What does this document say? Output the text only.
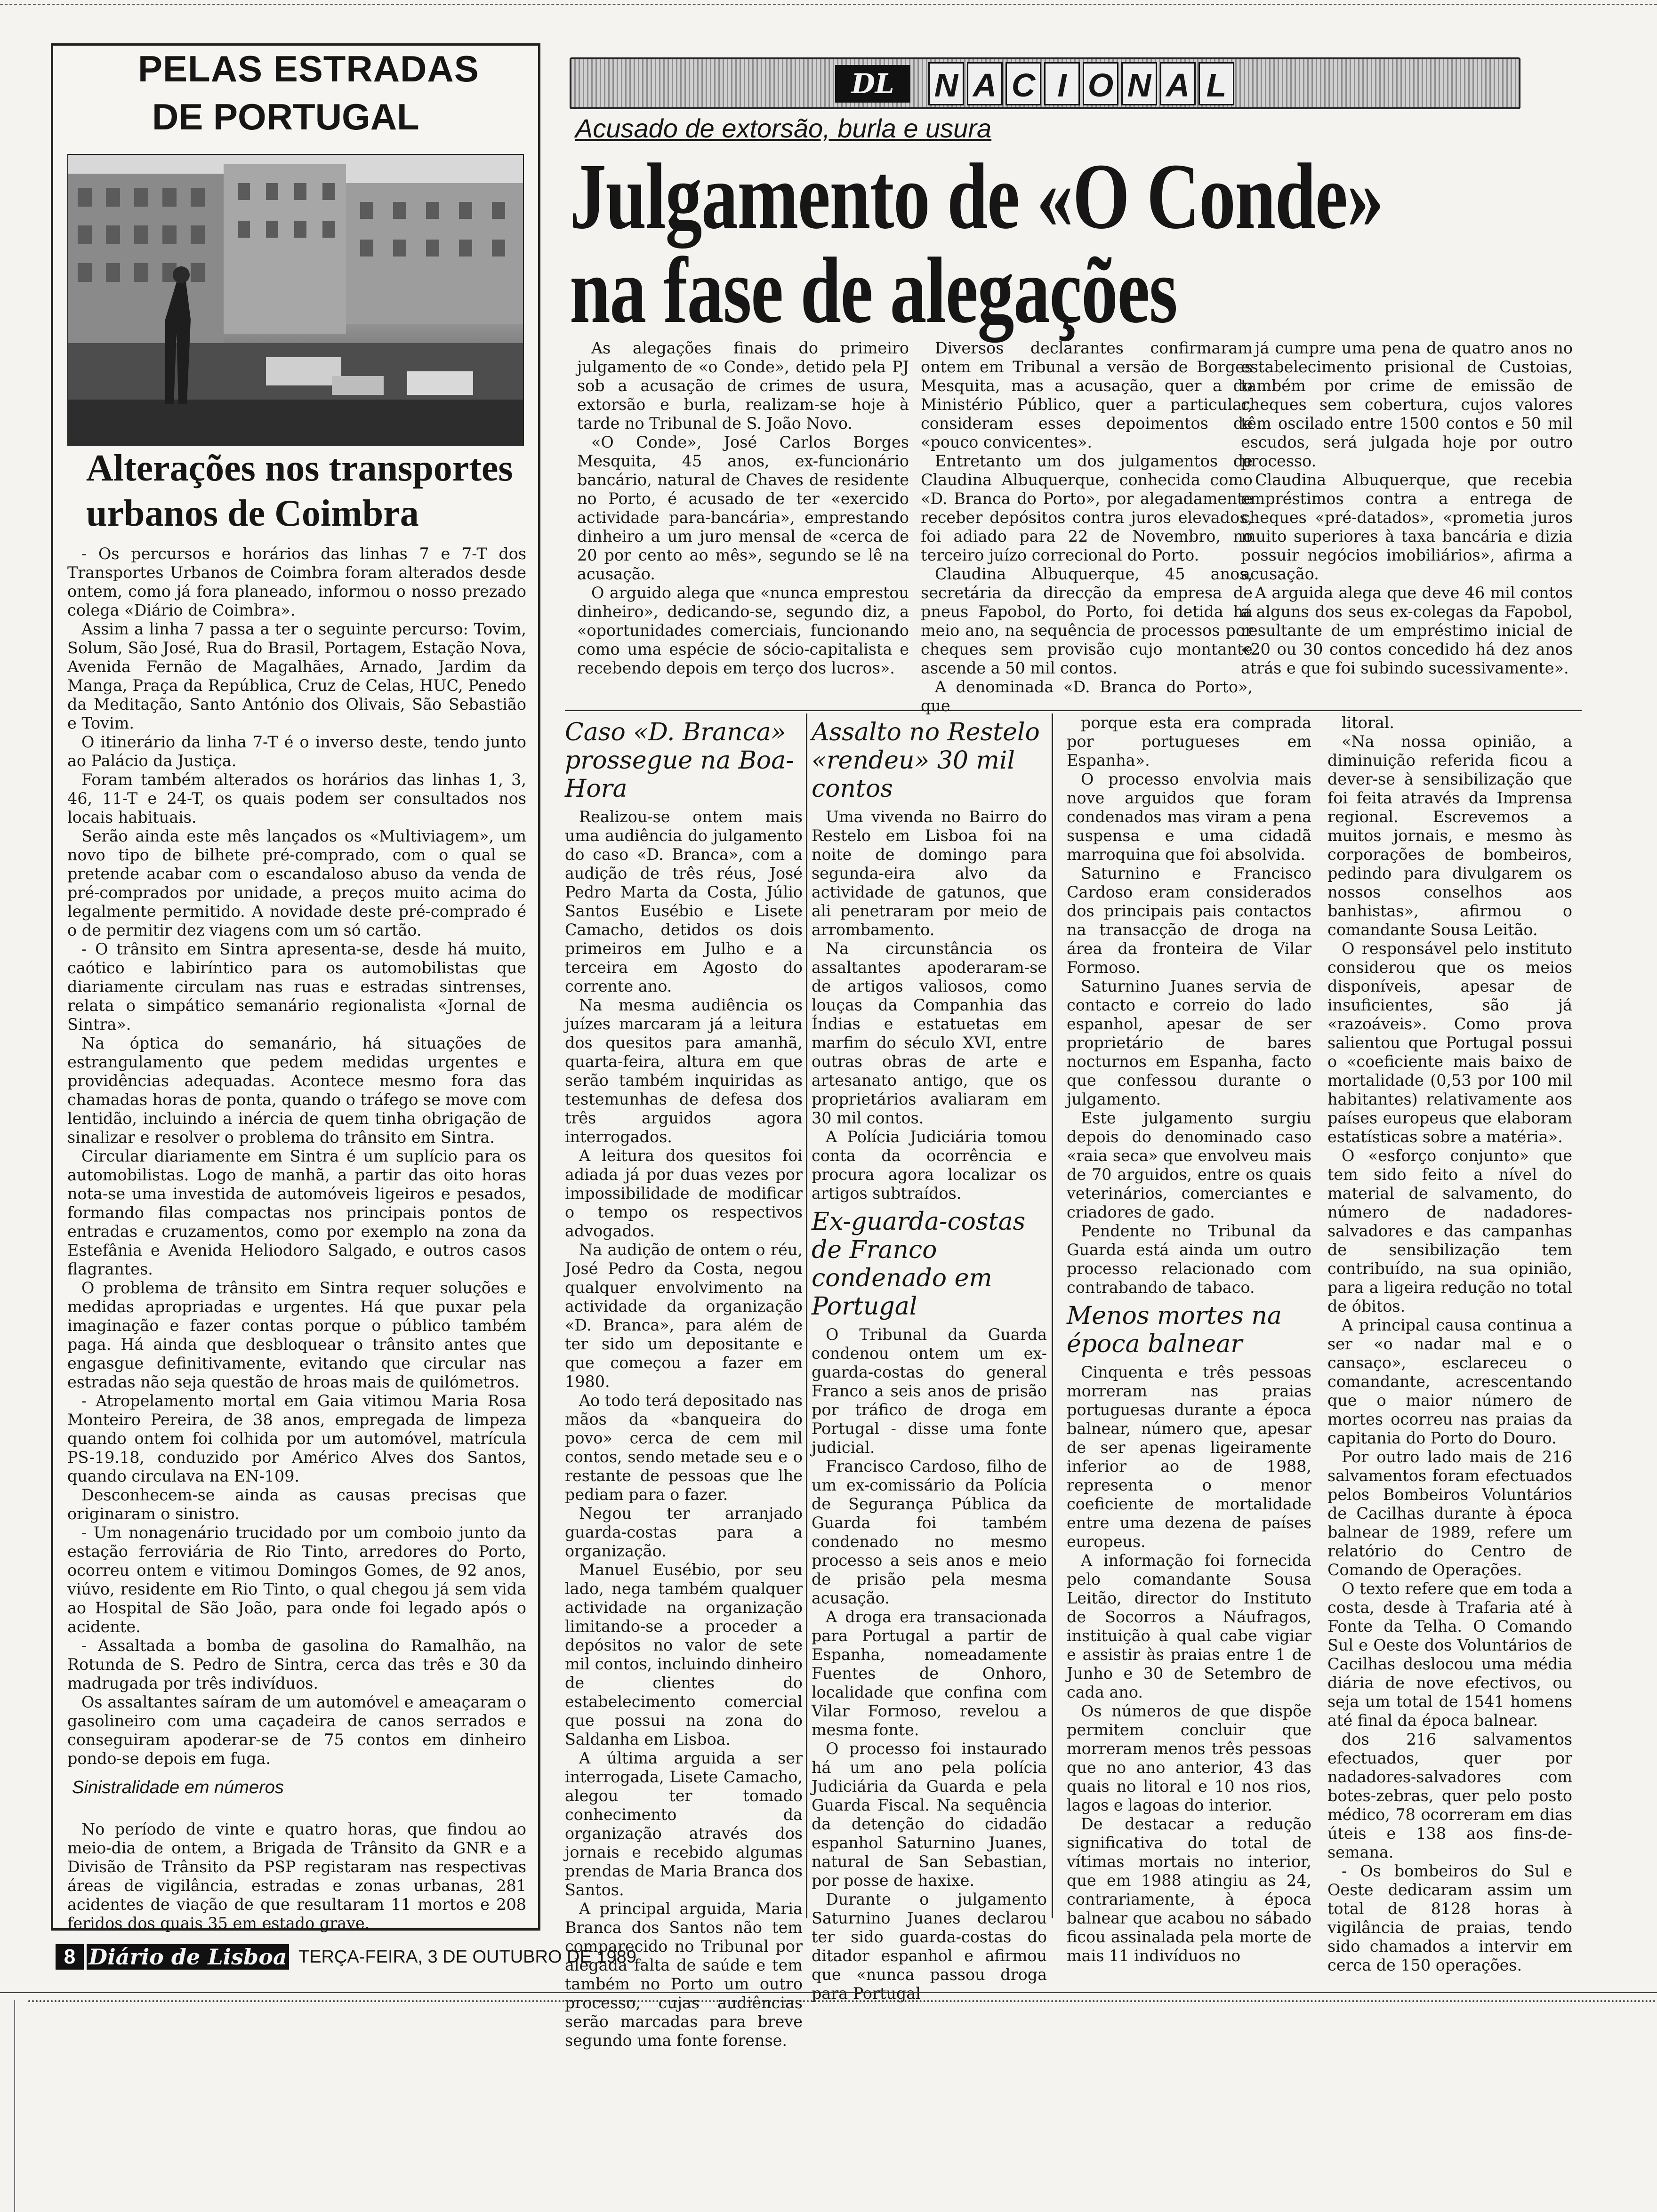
PELAS ESTRADAS
DE PORTUGAL
Alterações nos transportes urbanos de Coimbra

- Os percursos e horários das linhas 7 e 7-T dos Transportes Urbanos de Coimbra foram alterados desde ontem, como já fora planeado, informou o nosso prezado colega «Diário de Coimbra».

Assim a linha 7 passa a ter o seguinte percurso: Tovim, Solum, São José, Rua do Brasil, Portagem, Estação Nova, Avenida Fernão de Magalhães, Arnado, Jardim da Manga, Praça da República, Cruz de Celas, HUC, Penedo da Meditação, Santo António dos Olivais, São Sebastião e Tovim.

O itinerário da linha 7-T é o inverso deste, tendo junto ao Palácio da Justiça.

Foram também alterados os horários das linhas 1, 3, 46, 11-T e 24-T, os quais podem ser consultados nos locais habituais.

Serão ainda este mês lançados os «Multiviagem», um novo tipo de bilhete pré-comprado, com o qual se pretende acabar com o escandaloso abuso da venda de pré-comprados por unidade, a preços muito acima do legalmente permitido. A novidade deste pré-comprado é o de permitir dez viagens com um só cartão.

- O trânsito em Sintra apresenta-se, desde há muito, caótico e labiríntico para os automobilistas que diariamente circulam nas ruas e estradas sintrenses, relata o simpático semanário regionalista «Jornal de Sintra».

Na óptica do semanário, há situações de estrangulamento que pedem medidas urgentes e providências adequadas. Acontece mesmo fora das chamadas horas de ponta, quando o tráfego se move com lentidão, incluindo a inércia de quem tinha obrigação de sinalizar e resolver o problema do trânsito em Sintra.

Circular diariamente em Sintra é um suplício para os automobilistas. Logo de manhã, a partir das oito horas nota-se uma investida de automóveis ligeiros e pesados, formando filas compactas nos principais pontos de entradas e cruzamentos, como por exemplo na zona da Estefânia e Avenida Heliodoro Salgado, e outros casos flagrantes.

O problema de trânsito em Sintra requer soluções e medidas apropriadas e urgentes. Há que puxar pela imaginação e fazer contas porque o público também paga. Há ainda que desbloquear o trânsito antes que engasgue definitivamente, evitando que circular nas estradas não seja questão de hroas mais de quilómetros.

- Atropelamento mortal em Gaia vitimou Maria Rosa Monteiro Pereira, de 38 anos, empregada de limpeza quando ontem foi colhida por um automóvel, matrícula PS-19.18, conduzido por Américo Alves dos Santos, quando circulava na EN-109.

Desconhecem-se ainda as causas precisas que originaram o sinistro.

- Um nonagenário trucidado por um comboio junto da estação ferroviária de Rio Tinto, arredores do Porto, ocorreu ontem e vitimou Domingos Gomes, de 92 anos, viúvo, residente em Rio Tinto, o qual chegou já sem vida ao Hospital de São João, para onde foi legado após o acidente.

- Assaltada a bomba de gasolina do Ramalhão, na Rotunda de S. Pedro de Sintra, cerca das três e 30 da madrugada por três indivíduos.

Os assaltantes saíram de um automóvel e ameaçaram o gasolineiro com uma caçadeira de canos serrados e conseguiram apoderar-se de 75 contos em dinheiro pondo-se depois em fuga.

Sinistralidade em números
No período de vinte e quatro horas, que findou ao meio-dia de ontem, a Brigada de Trânsito da GNR e a Divisão de Trânsito da PSP registaram nas respectivas áreas de vigilância, estradas e zonas urbanas, 281 acidentes de viação de que resultaram 11 mortos e 208 feridos dos quais 35 em estado grave.
DL	N A C I O N A L
Acusado de extorsão, burla e usura
Julgamento de «O Conde»
na fase de alegações

As alegações finais do primeiro julgamento de «o Conde», detido pela PJ sob a acusação de crimes de usura, extorsão e burla, realizam-se hoje à tarde no Tribunal de S. João Novo.

«O Conde», José Carlos Borges Mesquita, 45 anos, ex-funcionário bancário, natural de Chaves de residente no Porto, é acusado de ter «exercido actividade para-bancária», emprestando dinheiro a um juro mensal de «cerca de 20 por cento ao mês», segundo se lê na acusação.

O arguido alega que «nunca emprestou dinheiro», dedicando-se, segundo diz, a «oportunidades comerciais, funcionando como uma espécie de sócio-capitalista e recebendo depois em terço dos lucros».

Diversos declarantes confirmaram ontem em Tribunal a versão de Borges Mesquita, mas a acusação, quer a do Ministério Público, quer a particular, consideram esses depoimentos de «pouco convicentes».

Entretanto um dos julgamentos de Claudina Albuquerque, conhecida como «D. Branca do Porto», por alegadamente receber depósitos contra juros elevados, foi adiado para 22 de Novembro, no terceiro juízo correcional do Porto.

Claudina Albuquerque, 45 anos, secretária da direcção da empresa de pneus Fapobol, do Porto, foi detida há meio ano, na sequência de processos por cheques sem provisão cujo montante ascende a 50 mil contos.

A denominada «D. Branca do Porto», que

já cumpre uma pena de quatro anos no estabelecimento prisional de Custoias, também por crime de emissão de cheques sem cobertura, cujos valores têm oscilado entre 1500 contos e 50 mil escudos, será julgada hoje por outro processo.

Claudina Albuquerque, que recebia empréstimos contra a entrega de cheques «pré-datados», «prometia juros muito superiores à taxa bancária e dizia possuir negócios imobiliários», afirma a acusação.

A arguida alega que deve 46 mil contos a alguns dos seus ex-colegas da Fapobol, resultante de um empréstimo inicial de «20 ou 30 contos concedido há dez anos atrás e que foi subindo sucessivamente».

Caso «D. Branca» prossegue na Boa-Hora

Realizou-se ontem mais uma audiência do julgamento do caso «D. Branca», com a audição de três réus, José Pedro Marta da Costa, Júlio Santos Eusébio e Lisete Camacho, detidos os dois primeiros em Julho e a terceira em Agosto do corrente ano.

Na mesma audiência os juízes marcaram já a leitura dos quesitos para amanhã, quarta-feira, altura em que serão também inquiridas as testemunhas de defesa dos três arguidos agora interrogados.

A leitura dos quesitos foi adiada já por duas vezes por impossibilidade de modificar o tempo os respectivos advogados.

Na audição de ontem o réu, José Pedro da Costa, negou qualquer envolvimento na actividade da organização «D. Branca», para além de ter sido um depositante e que começou a fazer em 1980.

Ao todo terá depositado nas mãos da «banqueira do povo» cerca de cem mil contos, sendo metade seu e o restante de pessoas que lhe pediam para o fazer.

Negou ter arranjado guarda-costas para a organização.

Manuel Eusébio, por seu lado, nega também qualquer actividade na organização limitando-se a proceder a depósitos no valor de sete mil contos, incluindo dinheiro de clientes do estabelecimento comercial que possui na zona do Saldanha em Lisboa.

A última arguida a ser interrogada, Lisete Camacho, alegou ter tomado conhecimento da organização através dos jornais e recebido algumas prendas de Maria Branca dos Santos.

A principal arguida, Maria Branca dos Santos não tem comparecido no Tribunal por alegada falta de saúde e tem também no Porto um outro processo, cujas audiências serão marcadas para breve segundo uma fonte forense.

Assalto no Restelo «rendeu» 30 mil contos

Uma vivenda no Bairro do Restelo em Lisboa foi na noite de domingo para segunda-eira alvo da actividade de gatunos, que ali penetraram por meio de arrombamento.

Na circunstância os assaltantes apoderaram-se de artigos valiosos, como louças da Companhia das Índias e estatuetas em marfim do século XVI, entre outras obras de arte e artesanato antigo, que os proprietários avaliaram em 30 mil contos.

A Polícia Judiciária tomou conta da ocorrência e procura agora localizar os artigos subtraídos.

Ex-guarda-costas de Franco condenado em Portugal

O Tribunal da Guarda condenou ontem um ex-guarda-costas do general Franco a seis anos de prisão por tráfico de droga em Portugal - disse uma fonte judicial.

Francisco Cardoso, filho de um ex-comissário da Polícia de Segurança Pública da Guarda foi também condenado no mesmo processo a seis anos e meio de prisão pela mesma acusação.

A droga era transacionada para Portugal a partir de Espanha, nomeadamente Fuentes de Onhoro, localidade que confina com Vilar Formoso, revelou a mesma fonte.

O processo foi instaurado há um ano pela polícia Judiciária da Guarda e pela Guarda Fiscal. Na sequência da detenção do cidadão espanhol Saturnino Juanes, natural de San Sebastian, por posse de haxixe.

Durante o julgamento Saturnino Juanes declarou ter sido guarda-costas do ditador espanhol e afirmou que «nunca passou droga para Portugal

porque esta era comprada por portugueses em Espanha».

O processo envolvia mais nove arguidos que foram condenados mas viram a pena suspensa e uma cidadã marroquina que foi absolvida.

Saturnino e Francisco Cardoso eram considerados dos principais pais contactos na transacção de droga na área da fronteira de Vilar Formoso.

Saturnino Juanes servia de contacto e correio do lado espanhol, apesar de ser proprietário de bares nocturnos em Espanha, facto que confessou durante o julgamento.

Este julgamento surgiu depois do denominado caso «raia seca» que envolveu mais de 70 arguidos, entre os quais veterinários, comerciantes e criadores de gado.

Pendente no Tribunal da Guarda está ainda um outro processo relacionado com contrabando de tabaco.

Menos mortes na época balnear

Cinquenta e três pessoas morreram nas praias portuguesas durante a época balnear, número que, apesar de ser apenas ligeiramente inferior ao de 1988, representa o menor coeficiente de mortalidade entre uma dezena de países europeus.

A informação foi fornecida pelo comandante Sousa Leitão, director do Instituto de Socorros a Náufragos, instituição à qual cabe vigiar e assistir às praias entre 1 de Junho e 30 de Setembro de cada ano.

Os números de que dispõe permitem concluir que morreram menos três pessoas que no ano anterior, 43 das quais no litoral e 10 nos rios, lagos e lagoas do interior.

De destacar a redução significativa do total de vítimas mortais no interior, que em 1988 atingiu as 24, contrariamente, à época balnear que acabou no sábado ficou assinalada pela morte de mais 11 indivíduos no

litoral.

«Na nossa opinião, a diminuição referida ficou a dever-se à sensibilização que foi feita através da Imprensa regional. Escrevemos a muitos jornais, e mesmo às corporações de bombeiros, pedindo para divulgarem os nossos conselhos aos banhistas», afirmou o comandante Sousa Leitão.

O responsável pelo instituto considerou que os meios disponíveis, apesar de insuficientes, são já «razoáveis». Como prova salientou que Portugal possui o «coeficiente mais baixo de mortalidade (0,53 por 100 mil habitantes) relativamente aos países europeus que elaboram estatísticas sobre a matéria».

O «esforço conjunto» que tem sido feito a nível do material de salvamento, do número de nadadores-salvadores e das campanhas de sensibilização tem contribuído, na sua opinião, para a ligeira redução no total de óbitos.

A principal causa continua a ser «o nadar mal e o cansaço», esclareceu o comandante, acrescentando que o maior número de mortes ocorreu nas praias da capitania do Porto do Douro.

Por outro lado mais de 216 salvamentos foram efectuados pelos Bombeiros Voluntários de Cacilhas durante à época balnear de 1989, refere um relatório do Centro de Comando de Operações.

O texto refere que em toda a costa, desde à Trafaria até à Fonte da Telha. O Comando Sul e Oeste dos Voluntários de Cacilhas deslocou uma média diária de nove efectivos, ou seja um total de 1541 homens até final da época balnear.

dos 216 salvamentos efectuados, quer por nadadores-salvadores com botes-zebras, quer pelo posto médico, 78 ocorreram em dias úteis e 138 aos fins-de-semana.

- Os bombeiros do Sul e Oeste dedicaram assim um total de 8128 horas à vigilância de praias, tendo sido chamados a intervir em cerca de 150 operações.

8 Diário de Lisboa TERÇA-FEIRA, 3 DE OUTUBRO DE 1989
